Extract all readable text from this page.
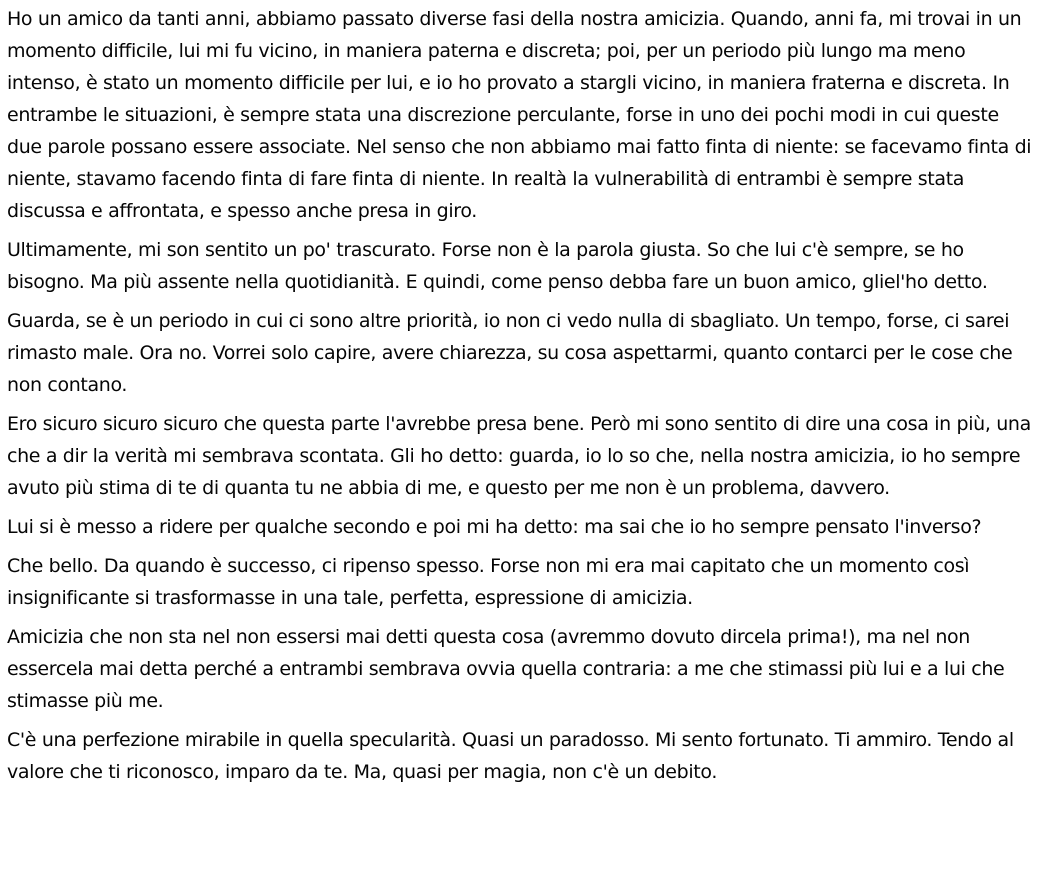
Ho un amico da tanti anni, abbiamo passato diverse fasi della nostra amicizia. Quando, anni fa, mi trovai in un momento difficile, lui mi fu vicino, in maniera paterna e discreta; poi, per un periodo più lungo ma meno intenso, è stato un momento difficile per lui, e io ho provato a stargli vicino, in maniera fraterna e discreta. In entrambe le situazioni, è sempre stata una discrezione perculante, forse in uno dei pochi modi in cui queste due parole possano essere associate. Nel senso che non abbiamo mai fatto finta di niente: se facevamo finta di niente, stavamo facendo finta di fare finta di niente. In realtà la vulnerabilità di entrambi è sempre stata discussa e affrontata, e spesso anche presa in giro.

Ultimamente, mi son sentito un po' trascurato. Forse non è la parola giusta. So che lui c'è sempre, se ho bisogno. Ma più assente nella quotidianità. E quindi, come penso debba fare un buon amico, gliel'ho detto.

Guarda, se è un periodo in cui ci sono altre priorità, io non ci vedo nulla di sbagliato. Un tempo, forse, ci sarei rimasto male. Ora no. Vorrei solo capire, avere chiarezza, su cosa aspettarmi, quanto contarci per le cose che non contano.

Ero sicuro sicuro sicuro che questa parte l'avrebbe presa bene. Però mi sono sentito di dire una cosa in più, una che a dir la verità mi sembrava scontata. Gli ho detto: guarda, io lo so che, nella nostra amicizia, io ho sempre avuto più stima di te di quanta tu ne abbia di me, e questo per me non è un problema, davvero.

Lui si è messo a ridere per qualche secondo e poi mi ha detto: ma sai che io ho sempre pensato l'inverso?

Che bello. Da quando è successo, ci ripenso spesso. Forse non mi era mai capitato che un momento così insignificante si trasformasse in una tale, perfetta, espressione di amicizia.

Amicizia che non sta nel non essersi mai detti questa cosa (avremmo dovuto dircela prima!), ma nel non essercela mai detta perché a entrambi sembrava ovvia quella contraria: a me che stimassi più lui e a lui che stimasse più me.

C'è una perfezione mirabile in quella specularità. Quasi un paradosso. Mi sento fortunato. Ti ammiro. Tendo al valore che ti riconosco, imparo da te. Ma, quasi per magia, non c'è un debito.
